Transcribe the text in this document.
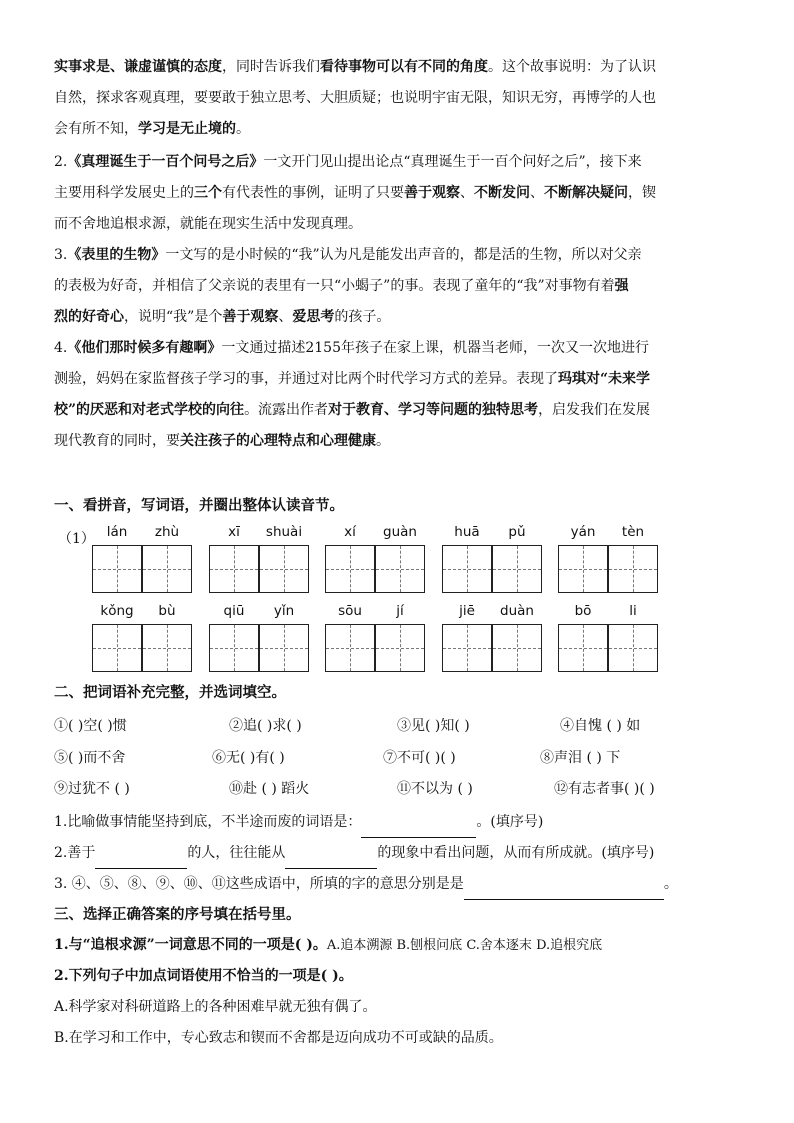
实事求是、谦虚谨慎的态度，同时告诉我们看待事物可以有不同的角度。这个故事说明：为了认识
自然，探求客观真理，要要敢于独立思考、大胆质疑；也说明宇宙无限，知识无穷，再博学的人也
会有所不知，学习是无止境的。
2.《真理诞生于一百个问号之后》一文开门见山提出论点“真理诞生于一百个问好之后”，接下来
主要用科学发展史上的三个有代表性的事例，证明了只要善于观察、不断发问、不断解决疑问，锲
而不舍地追根求源，就能在现实生活中发现真理。
3.《表里的生物》一文写的是小时候的“我”认为凡是能发出声音的，都是活的生物，所以对父亲
的表极为好奇，并相信了父亲说的表里有一只“小蝎子”的事。表现了童年的“我”对事物有着强
烈的好奇心，说明“我”是个善于观察、爱思考的孩子。
4.《他们那时候多有趣啊》一文通过描述2155年孩子在家上课，机器当老师，一次又一次地进行
测验，妈妈在家监督孩子学习的事，并通过对比两个时代学习方式的差异。表现了玛琪对“未来学
校”的厌恶和对老式学校的向往。流露出作者对于教育、学习等问题的独特思考，启发我们在发展
现代教育的同时，要关注孩子的心理特点和心理健康。
一、看拼音，写词语，并圈出整体认读音节。
（1） lán	zhù	xī	shuài	xí	guàn	huā	pǔ	yán	tèn
kǒng	bù	qiū	yǐn	sōu	jí	jiē	duàn	bō	li
二、把词语补充完整，并选词填空。
①( )空( )惯	②追( )求( )	③见( )知( )	④自愧 ( ) 如
⑤( )而不舍	⑥无( )有( )	⑦不可( )( )	⑧声泪 ( ) 下
⑨过犹不 ( )	⑩赴 ( ) 蹈火	⑪不以为 ( )	⑫有志者事( )( )
1.比喻做事情能坚持到底，不半途而废的词语是：	。(填序号)
2.善于	的人，往往能从	的现象中看出问题，从而有所成就。(填序号)
3. ④、⑤、⑧、⑨、⑩、⑪这些成语中，所填的字的意思分别是是	。
三、选择正确答案的序号填在括号里。
1.与“追根求源”一词意思不同的一项是( )。A.追本溯源 B.刨根问底 C.舍本逐末 D.追根究底
2.下列句子中加点词语使用不恰当的一项是( )。
A.科学家对科研道路上的各种困难早就无独有偶了。
B.在学习和工作中，专心致志和锲而不舍都是迈向成功不可或缺的品质。
